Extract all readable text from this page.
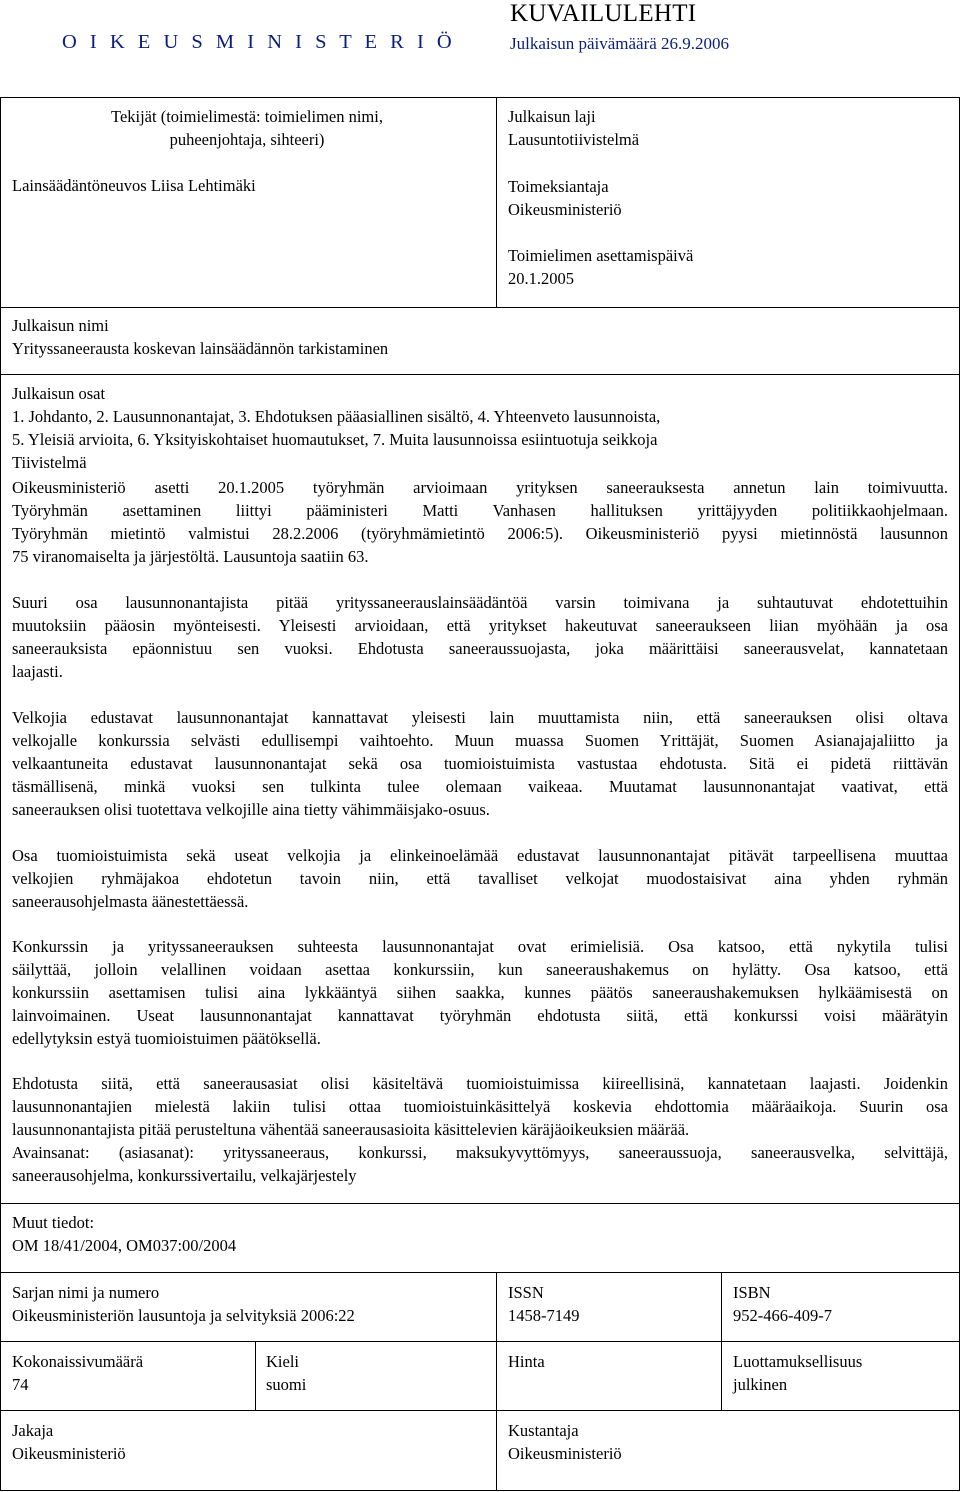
KUVAILULEHTI
O I K E U S M I N I S T E R I Ö	Julkaisun päivämäärä 26.9.2006
Tekijät (toimielimestä: toimielimen nimi,
puheenjohtaja, sihteeri)
Lainsäädäntöneuvos Liisa Lehtimäki
Julkaisun laji
Lausuntotiivistelmä
Toimeksiantaja
Oikeusministeriö
Toimielimen asettamispäivä
20.1.2005
Julkaisun nimi
Yrityssaneerausta koskevan lainsäädännön tarkistaminen
Julkaisun osat
1. Johdanto, 2. Lausunnonantajat, 3. Ehdotuksen pääasiallinen sisältö, 4. Yhteenveto lausunnoista,
5. Yleisiä arvioita, 6. Yksityiskohtaiset huomautukset, 7. Muita lausunnoissa esiintuotuja seikkoja
Tiivistelmä
Oikeusministeriö asetti 20.1.2005 työryhmän arvioimaan yrityksen saneerauksesta annetun lain toimivuutta.
Työryhmän asettaminen liittyi pääministeri Matti Vanhasen hallituksen yrittäjyyden politiikkaohjelmaan.
Työryhmän mietintö valmistui 28.2.2006 (työryhmämietintö 2006:5). Oikeusministeriö pyysi mietinnöstä lausunnon
75 viranomaiselta ja järjestöltä. Lausuntoja saatiin 63.
Suuri osa lausunnonantajista pitää yrityssaneerauslainsäädäntöä varsin toimivana ja suhtautuvat ehdotettuihin
muutoksiin pääosin myönteisesti. Yleisesti arvioidaan, että yritykset hakeutuvat saneeraukseen liian myöhään ja osa
saneerauksista epäonnistuu sen vuoksi. Ehdotusta saneeraussuojasta, joka määrittäisi saneerausvelat, kannatetaan
laajasti.
Velkojia edustavat lausunnonantajat kannattavat yleisesti lain muuttamista niin, että saneerauksen olisi oltava
velkojalle konkurssia selvästi edullisempi vaihtoehto. Muun muassa Suomen Yrittäjät, Suomen Asianajajaliitto ja
velkaantuneita edustavat lausunnonantajat sekä osa tuomioistuimista vastustaa ehdotusta. Sitä ei pidetä riittävän
täsmällisenä, minkä vuoksi sen tulkinta tulee olemaan vaikeaa. Muutamat lausunnonantajat vaativat, että
saneerauksen olisi tuotettava velkojille aina tietty vähimmäisjako-osuus.
Osa tuomioistuimista sekä useat velkojia ja elinkeinoelämää edustavat lausunnonantajat pitävät tarpeellisena muuttaa
velkojien ryhmäjakoa ehdotetun tavoin niin, että tavalliset velkojat muodostaisivat aina yhden ryhmän
saneerausohjelmasta äänestettäessä.
Konkurssin ja yrityssaneerauksen suhteesta lausunnonantajat ovat erimielisiä. Osa katsoo, että nykytila tulisi
säilyttää, jolloin velallinen voidaan asettaa konkurssiin, kun saneeraushakemus on hylätty. Osa katsoo, että
konkurssiin asettamisen tulisi aina lykkääntyä siihen saakka, kunnes päätös saneeraushakemuksen hylkäämisestä on
lainvoimainen. Useat lausunnonantajat kannattavat työryhmän ehdotusta siitä, että konkurssi voisi määrätyin
edellytyksin estyä tuomioistuimen päätöksellä.
Ehdotusta siitä, että saneerausasiat olisi käsiteltävä tuomioistuimissa kiireellisinä, kannatetaan laajasti. Joidenkin
lausunnonantajien mielestä lakiin tulisi ottaa tuomioistuinkäsittelyä koskevia ehdottomia määräaikoja. Suurin osa
lausunnonantajista pitää perusteltuna vähentää saneerausasioita käsittelevien käräjäoikeuksien määrää.
Avainsanat: (asiasanat): yrityssaneeraus, konkurssi, maksukyvyttömyys, saneeraussuoja, saneerausvelka, selvittäjä,
saneerausohjelma, konkurssivertailu, velkajärjestely
Muut tiedot:
OM 18/41/2004, OM037:00/2004
Sarjan nimi ja numero
Oikeusministeriön lausuntoja ja selvityksiä 2006:22
ISSN
1458-7149
ISBN
952-466-409-7
Kokonaissivumäärä
74
Kieli
suomi
Hinta	Luottamuksellisuus
julkinen
Jakaja
Oikeusministeriö
Kustantaja
Oikeusministeriö
